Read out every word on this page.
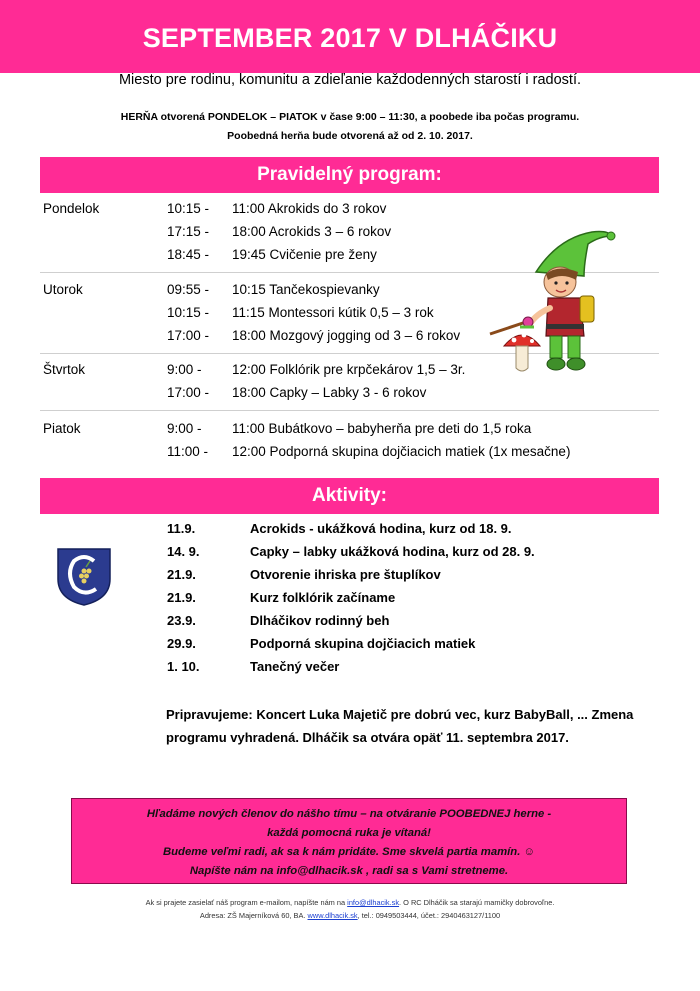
SEPTEMBER 2017 V DLHÁČIKU
Miesto pre rodinu, komunitu a zdieľanie každodenných starostí i radostí.
HERŇA otvorená PONDELOK – PIATOK v čase 9:00 – 11:30, a poobede iba počas programu.
Poobedná herňa bude otvorená až od 2. 10. 2017.
Pravidelný program:
Pondelok	10:15 - 11:00 Akrokids do 3 rokov
17:15 - 18:00 Acrokids 3 – 6 rokov
18:45 - 19:45 Cvičenie pre ženy
Utorok	09:55 - 10:15 Tančekospievanky
10:15 - 11:15 Montessori kútik 0,5 – 3 rok
17:00 - 18:00 Mozgový jogging od 3 – 6 rokov
Štvrtok	9:00 - 12:00 Folklórik pre krpčekárov 1,5 – 3r.
17:00 - 18:00 Capky – Labky 3 - 6 rokov
Piatok	9:00 - 11:00 Bubátkovo – babyherňa pre deti do 1,5 roka
11:00 - 12:00 Podporná skupina dojčiacich matiek (1x mesačne)
Aktivity:
11.9.	Acrokids - ukážková hodina, kurz od 18. 9.
14. 9.	Capky – labky ukážková hodina, kurz od 28. 9.
21.9.	Otvorenie ihriska pre štuplíkov
21.9.	Kurz folklórik začíname
23.9.	Dlháčikov rodinný beh
29.9.	Podporná skupina dojčiacich matiek
1. 10.	Tanečný večer
Pripravujeme: Koncert Luka Majetič pre dobrú vec, kurz BabyBall, ... Zmena programu vyhradená. Dlháčik sa otvára opäť 11. septembra 2017.
Hľadáme nových členov do nášho tímu – na otváranie POOBEDNEJ herne -
každá pomocná ruka je vítaná!
Budeme veľmi radi, ak sa k nám pridáte. Sme skvelá partia mamín. ☺
Napíšte nám na info@dlhacik.sk , radi sa s Vami stretneme.
Ak si prajete zasielať náš program e-mailom, napíšte nám na info@dlhacik.sk. O RC Dlháčik sa starajú mamičky dobrovoľne.
Adresa: ZŠ Majerníková 60, BA. www.dlhacik.sk, tel.: 0949503444, účet.: 2940463127/1100
